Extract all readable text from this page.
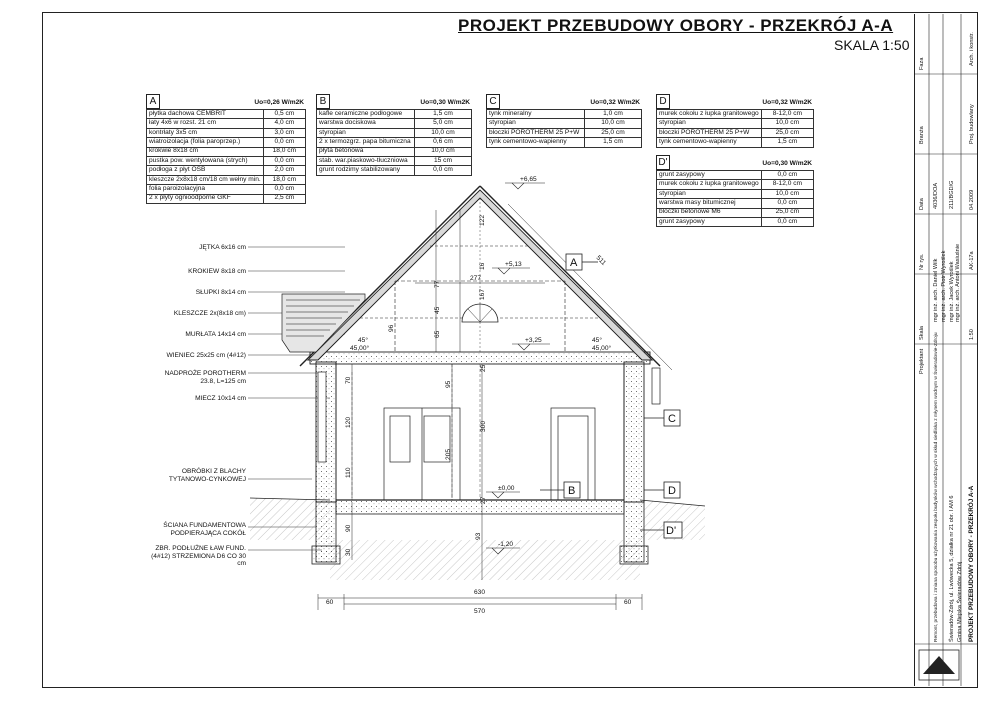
PROJEKT PRZEBUDOWY OBORY - PRZEKRÓJ A-A
SKALA 1:50
A	Uo=0,26 W/m2K
płytka dachowa CEMBRIT	0,5 cm
łaty 4x6 w rozst. 21 cm	4,0 cm
kontrłaty 3x5 cm	3,0 cm
wiatroizolacja (folia paroprzep.)	0,0 cm
krokwie 8x18 cm	18,0 cm
pustka pow. wentylowana (strych)	0,0 cm
podłoga z płyt OSB	2,0 cm
kleszcze 2x8x18 cm/18 cm wełny min.	18,0 cm
folia paroizolacyjna	0,0 cm
2 x płyty ognioodporne GKF	2,5 cm
B	Uo=0,30 W/m2K
kafle ceramiczne podłogowe	1,5 cm
warstwa dociskowa	5,0 cm
styropian	10,0 cm
2 x termozgrz. papa bitumiczna	0,6 cm
płyta betonowa	10,0 cm
stab. war.piaskowo-tłuczniowa	15 cm
grunt rodzimy stabilizowany	0,0 cm
C	Uo=0,32 W/m2K
tynk mineralny	1,0 cm
styropian	10,0 cm
bloczki POROTHERM 25 P+W	25,0 cm
tynk cementowo-wapienny	1,5 cm
D	Uo=0,32 W/m2K
murek cokołu z łupka granitowego	8-12,0 cm
styropian	10,0 cm
bloczki POROTHERM 25 P+W	25,0 cm
tynk cementowo-wapienny	1,5 cm
D'	Uo=0,30 W/m2K
grunt zasypowy	0,0 cm
murek cokołu z łupka granitowego	8-12,0 cm
styropian	10,0 cm
warstwa masy bitumicznej	0,0 cm
bloczki betonowe M6	25,0 cm
grunt zasypowy	0,0 cm
JĘTKA 6x16 cm
KROKIEW 8x18 cm
SŁUPKI 8x14 cm
KLESZCZE 2x(8x18 cm)
MURŁATA 14x14 cm
WIENIEC 25x25 cm (4#12)
NADPROŻE POROTHERM 23.8, L=125 cm
MIECZ 10x14 cm
OBRÓBKI Z BLACHY TYTANOWO-CYNKOWEJ
ŚCIANA FUNDAMENTOWA PODPIERAJĄCA COKÓŁ
ZBR. PODŁUŻNE ŁAW FUND.(4#12) STRZEMIONA D6 CO 30 cm
A
C
B	D
D'
+6,65
+5,13
+3,25
±0,00
-1,20
630
570
60	60
277
511
45°
45,00°
45°
45,00°
300
122
16
167
77
45
65
96
70
95
120
205
110
25
27
90
93
30
Arch. i konstr.
Faza
Proj. budowlany
Branża
Data	04.2009
Nr rys.	AK-17a
Skala	1:50
Projektant
mgr inż. arch. Daniel Wilk mgr inż. arch. Piotr Wyroślek mgr inż. Jacek Wyroślek mgr inż. arch. Antoni Wasiuśnie
4036/DOA 211/BGD/G
Remont, przebudowa i zmiana sposobu użytkowania zespołu budynków wchodzących w skład siedliska z młynem wodnym w Świeradowie-Zdroju	Świeradów-Zdrój, ul. Lwówecka 5, działka nr 21 obr. I AM 6 Gmina Miejska Świeradów Zdrój PROJEKT PRZEBUDOWY OBORY - PRZEKRÓJ A-A
